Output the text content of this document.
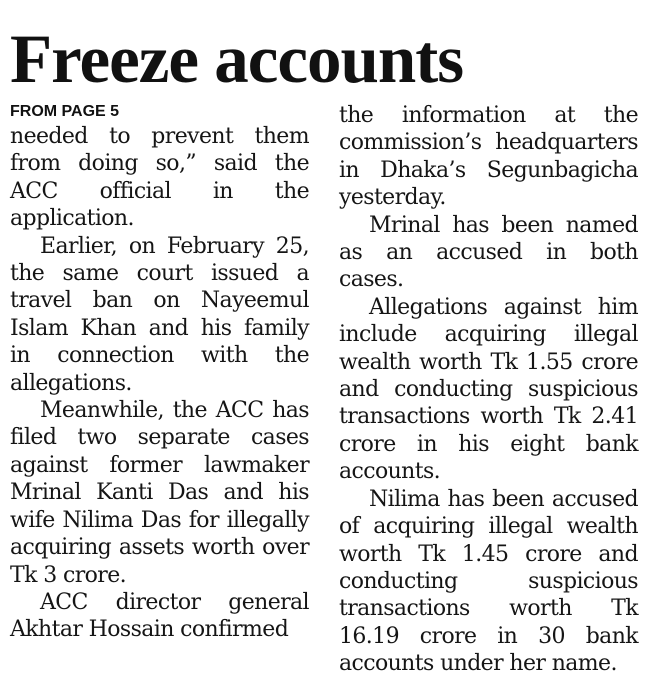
Freeze accounts
FROM PAGE 5

needed to prevent them from doing so,” said the ACC official in the application.

Earlier, on February 25, the same court issued a travel ban on Nayeemul Islam Khan and his family in connection with the allegations.

Meanwhile, the ACC has filed two separate cases against former lawmaker Mrinal Kanti Das and his wife Nilima Das for illegally acquiring assets worth over Tk 3 crore.

ACC director general Akhtar Hossain confirmed

the information at the commission’s headquarters in Dhaka’s Segunbagicha yesterday.

Mrinal has been named as an accused in both cases.

Allegations against him include acquiring illegal wealth worth Tk 1.55 crore and conducting suspicious transactions worth Tk 2.41 crore in his eight bank accounts.

Nilima has been accused of acquiring illegal wealth worth Tk 1.45 crore and conducting suspicious transactions worth Tk 16.19 crore in 30 bank accounts under her name.
